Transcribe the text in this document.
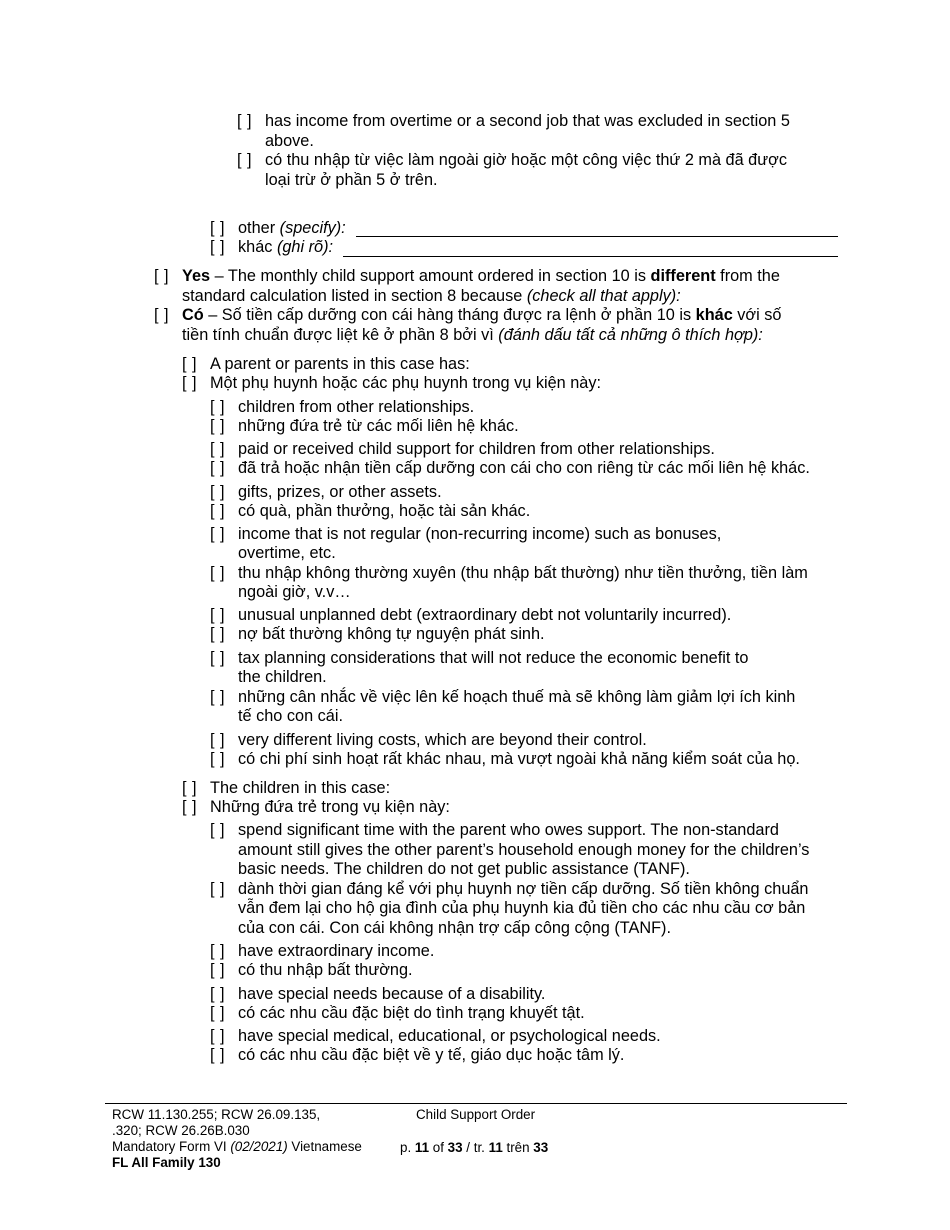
[ ] has income from overtime or a second job that was excluded in section 5
above.
[ ] có thu nhập từ việc làm ngoài giờ hoặc một công việc thứ 2 mà đã được
loại trừ ở phần 5 ở trên.
[ ] other (specify):
[ ] khác (ghi rõ):
[ ] Yes – The monthly child support amount ordered in section 10 is different from the
standard calculation listed in section 8 because (check all that apply):
[ ] Có – Số tiền cấp dưỡng con cái hàng tháng được ra lệnh ở phần 10 is khác với số
tiền tính chuẩn được liệt kê ở phần 8 bởi vì (đánh dấu tất cả những ô thích hợp):
[ ] A parent or parents in this case has:
[ ] Một phụ huynh hoặc các phụ huynh trong vụ kiện này:
[ ] children from other relationships.
[ ] những đứa trẻ từ các mối liên hệ khác.
[ ] paid or received child support for children from other relationships.
[ ] đã trả hoặc nhận tiền cấp dưỡng con cái cho con riêng từ các mối liên hệ khác.
[ ] gifts, prizes, or other assets.
[ ] có quà, phần thưởng, hoặc tài sản khác.
[ ] income that is not regular (non-recurring income) such as bonuses,
overtime, etc.
[ ] thu nhập không thường xuyên (thu nhập bất thường) như tiền thưởng, tiền làm
ngoài giờ, v.v…
[ ] unusual unplanned debt (extraordinary debt not voluntarily incurred).
[ ] nợ bất thường không tự nguyện phát sinh.
[ ] tax planning considerations that will not reduce the economic benefit to
the children.
[ ] những cân nhắc về việc lên kế hoạch thuế mà sẽ không làm giảm lợi ích kinh
tế cho con cái.
[ ] very different living costs, which are beyond their control.
[ ] có chi phí sinh hoạt rất khác nhau, mà vượt ngoài khả năng kiểm soát của họ.
[ ] The children in this case:
[ ] Những đứa trẻ trong vụ kiện này:
[ ] spend significant time with the parent who owes support. The non-standard
amount still gives the other parent’s household enough money for the children’s
basic needs. The children do not get public assistance (TANF).
[ ] dành thời gian đáng kể với phụ huynh nợ tiền cấp dưỡng. Số tiền không chuẩn
vẫn đem lại cho hộ gia đình của phụ huynh kia đủ tiền cho các nhu cầu cơ bản
của con cái. Con cái không nhận trợ cấp công cộng (TANF).
[ ] have extraordinary income.
[ ] có thu nhập bất thường.
[ ] have special needs because of a disability.
[ ] có các nhu cầu đặc biệt do tình trạng khuyết tật.
[ ] have special medical, educational, or psychological needs.
[ ] có các nhu cầu đặc biệt về y tế, giáo dục hoặc tâm lý.
RCW 11.130.255; RCW 26.09.135,
.320; RCW 26.26B.030
Mandatory Form VI (02/2021) Vietnamese
FL All Family 130
Child Support Order
p. 11 of 33 / tr. 11 trên 33
